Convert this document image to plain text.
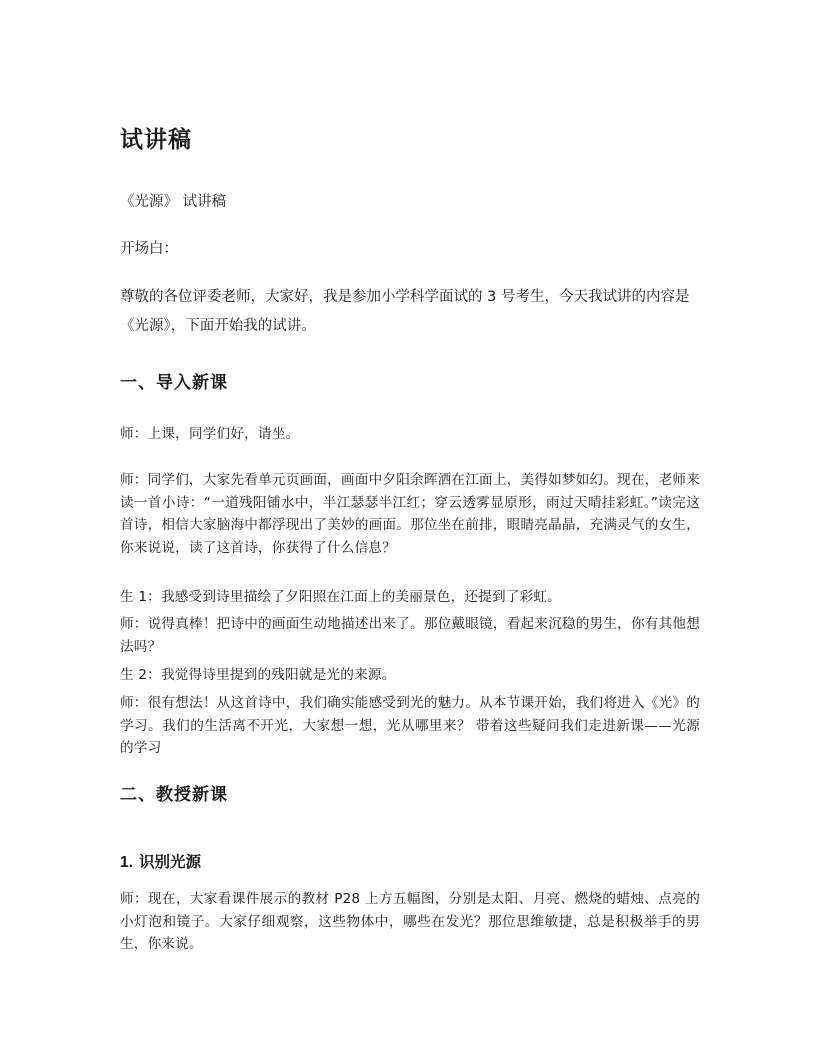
试讲稿

《光源》 试讲稿

开场白：

尊敬的各位评委老师，大家好，我是参加小学科学面试的 3 号考生，今天我试讲的内容是《光源》，下面开始我的试讲。

一、导入新课

师：上课，同学们好，请坐。

师：同学们，大家先看单元页画面，画面中夕阳余晖洒在江面上，美得如梦如幻。现在，老师来读一首小诗：“一道残阳铺水中，半江瑟瑟半江红；穿云透雾显原形，雨过天晴挂彩虹。”读完这首诗，相信大家脑海中都浮现出了美妙的画面。那位坐在前排，眼睛亮晶晶，充满灵气的女生，你来说说，读了这首诗，你获得了什么信息？

生 1：我感受到诗里描绘了夕阳照在江面上的美丽景色，还提到了彩虹。

师：说得真棒！把诗中的画面生动地描述出来了。那位戴眼镜，看起来沉稳的男生，你有其他想法吗？

生 2：我觉得诗里提到的残阳就是光的来源。

师：很有想法！从这首诗中，我们确实能感受到光的魅力。从本节课开始，我们将进入《光》的学习。我们的生活离不开光，大家想一想，光从哪里来？ 带着这些疑问我们走进新课——光源的学习

二、教授新课
1. 识别光源

师：现在，大家看课件展示的教材 P28 上方五幅图，分别是太阳、月亮、燃烧的蜡烛、点亮的小灯泡和镜子。大家仔细观察，这些物体中，哪些在发光？那位思维敏捷，总是积极举手的男生，你来说。
